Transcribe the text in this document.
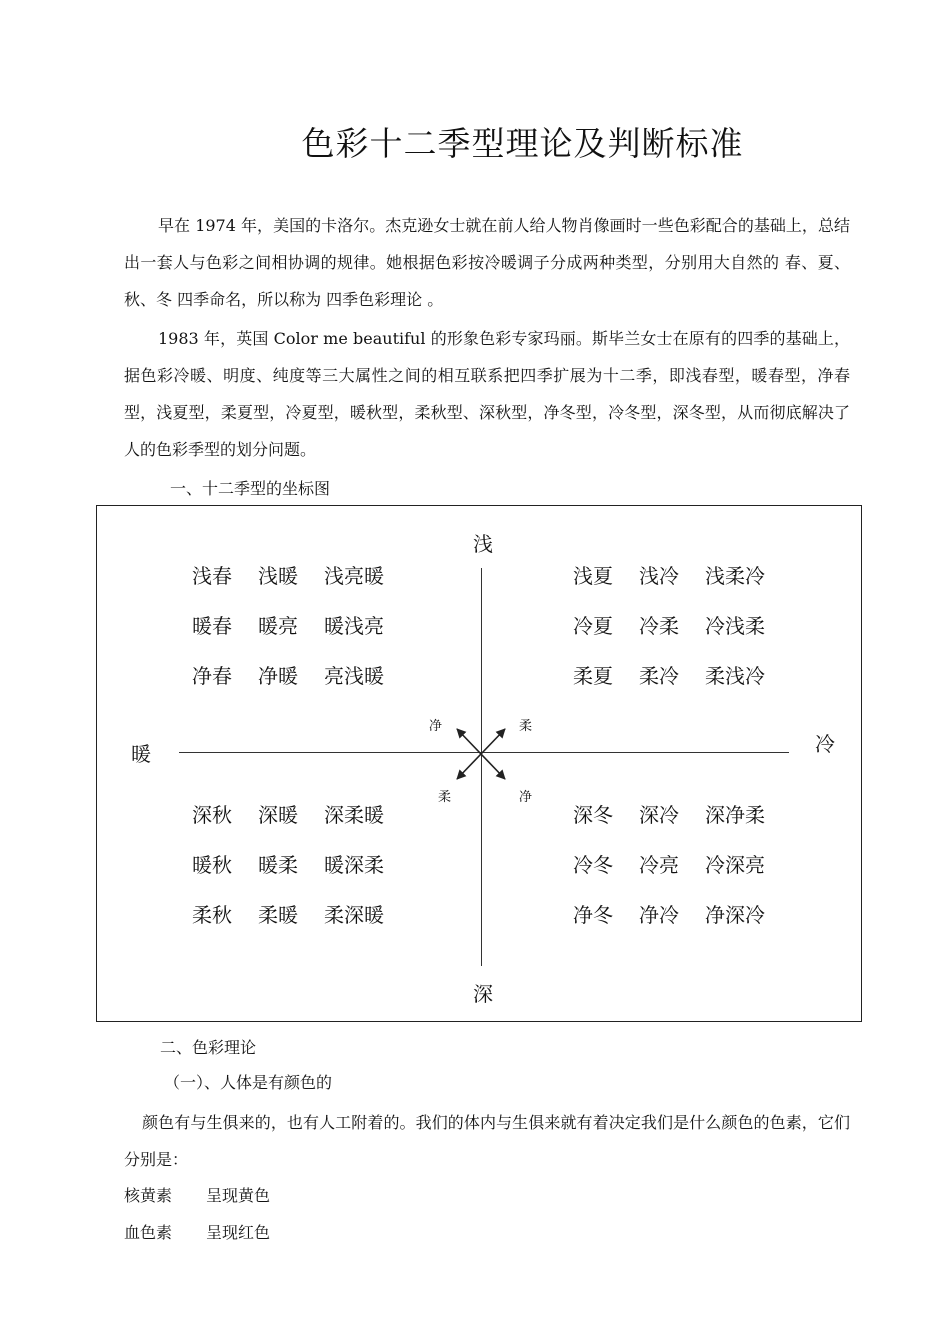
色彩十二季型理论及判断标准

早在 1974 年，美国的卡洛尔。杰克逊女士就在前人给人物肖像画时一些色彩配合的基础上，总结出一套人与色彩之间相协调的规律。她根据色彩按冷暖调子分成两种类型，分别用大自然的 春、夏、秋、冬 四季命名，所以称为 四季色彩理论 。

1983 年，英国 Color me beautiful 的形象色彩专家玛丽。斯毕兰女士在原有的四季的基础上，据色彩冷暖、明度、纯度等三大属性之间的相互联系把四季扩展为十二季，即浅春型，暖春型，净春型，浅夏型，柔夏型，冷夏型，暖秋型，柔秋型、深秋型，净冬型，冷冬型，深冬型，从而彻底解决了人的色彩季型的划分问题。

一、十二季型的坐标图

浅
深
暖	冷
净	柔
柔	净
浅春 浅暖 浅亮暖
暖春 暖亮 暖浅亮
净春 净暖 亮浅暖
浅夏 浅冷 浅柔冷
冷夏 冷柔 冷浅柔
柔夏 柔冷 柔浅冷
深秋 深暖 深柔暖
暖秋 暖柔 暖深柔
柔秋 柔暖 柔深暖
深冬 深冷 深净柔
冷冬 冷亮 冷深亮
净冬 净冷 净深冷

二、色彩理论

（一）、人体是有颜色的

颜色有与生俱来的，也有人工附着的。我们的体内与生俱来就有着决定我们是什么颜色的色素，它们分别是：

核黄素 呈现黄色

血色素 呈现红色
